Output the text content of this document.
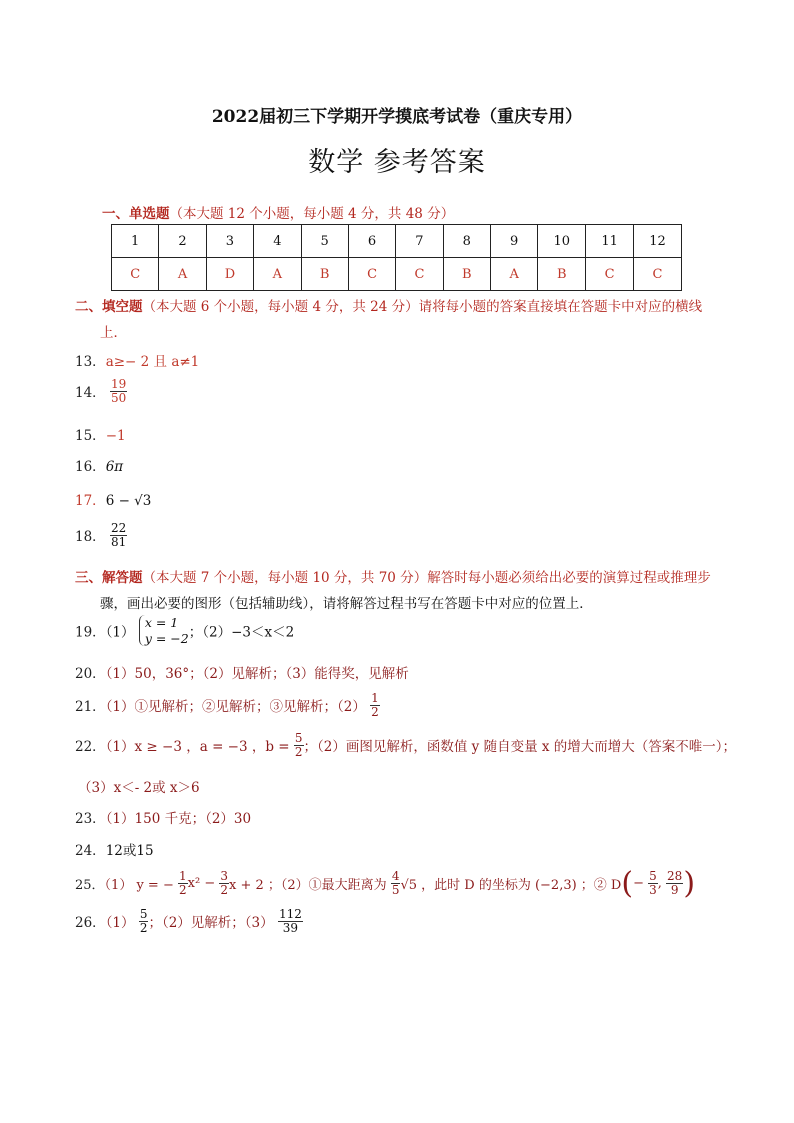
2022届初三下学期开学摸底考试卷（重庆专用）
数学 参考答案
一、单选题（本大题 12 个小题，每小题 4 分，共 48 分）
1	2	3	4	5	6	7	8	9	10	11	12
C	A	D	A	B	C	C	B	A	B	C	C
二、填空题（本大题 6 个小题，每小题 4 分，共 24 分）请将每小题的答案直接填在答题卡中对应的横线
上．
13．a≥− 2 且 a≠1
14． $\frac{19}{50}$
15．−1
16．6π
17．6 − √3
18． $\frac{22}{81}$
三、解答题（本大题 7 个小题，每小题 10 分，共 70 分）解答时每小题必须给出必要的演算过程或推理步
骤，画出必要的图形（包括辅助线），请将解答过程书写在答题卡中对应的位置上．
19．（1）
x = 1
y = −2 ；（2）−3＜x＜2
20．（1）50，36°；（2）见解析；（3）能得奖，见解析
21．（1）①见解析；②见解析；③见解析；$(2) \frac{1}{2}$
22．（1）x ≥ −3 ，a = −3 ，$b = \frac{5}{2}$ ；（2）画图见解析，函数值 y 随自变量 x 的增大而增大（答案不唯一）；
（3）x＜- 2或 x＞6
23．（1）150 千克；（2）30
24．12或15
25．（1） y = − $\frac{1}{2} x^2 - \frac{3}{2}$ x + 2 ；（2）①最大距离为 $\frac{4}{5} √5$ ，此时 D 的坐标为 (−2,3) ；② $D(- \frac{5}{3}$ , $\frac{28}{9}$ )
26．$(1) \frac{5}{2}$ ；（2）见解析；$(3) \frac{112}{39}$
